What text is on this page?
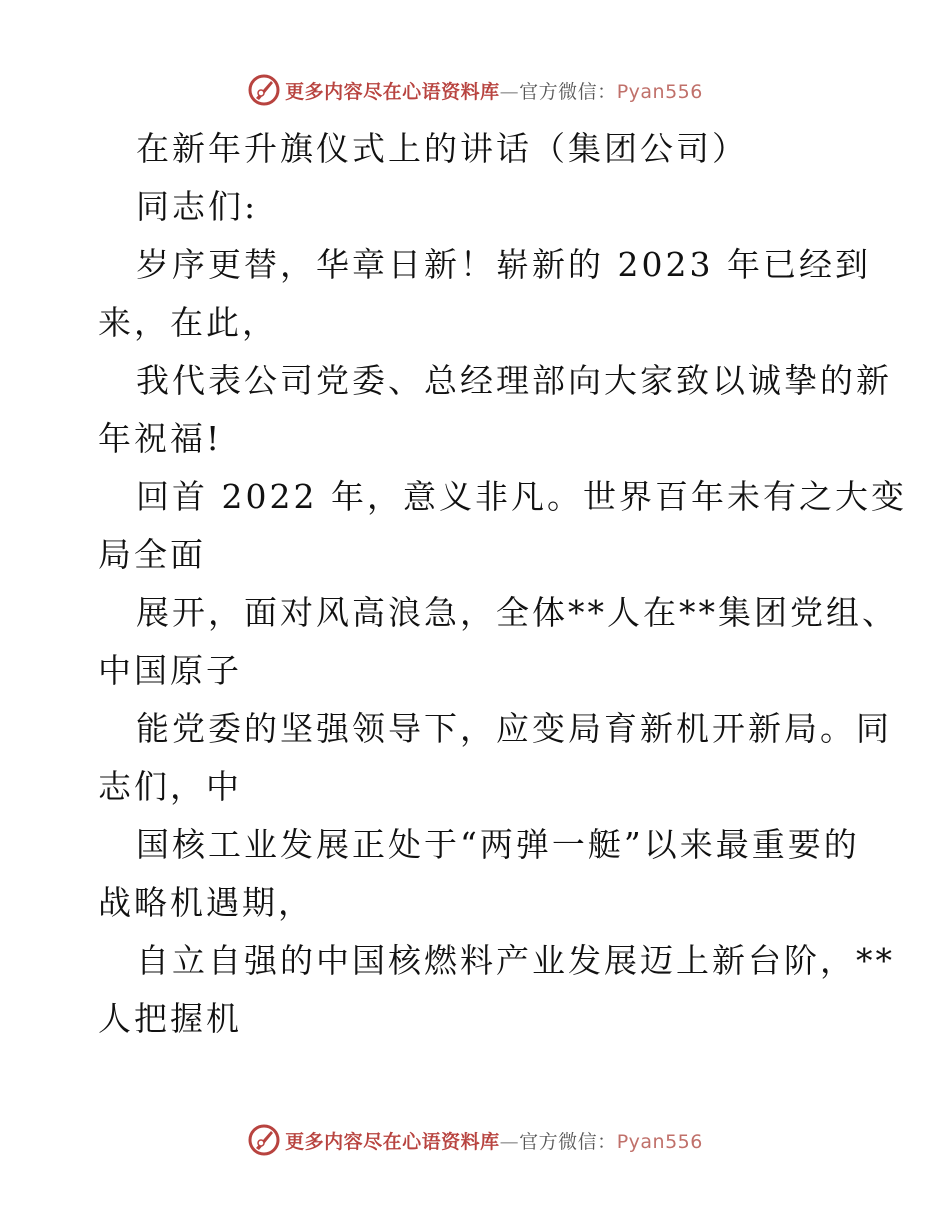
更多内容尽在心语资料库—官方微信：Pyan556
在新年升旗仪式上的讲话（集团公司）
同志们:
岁序更替，华章日新！崭新的 2023 年已经到
来，在此，
我代表公司党委、总经理部向大家致以诚挚的新
年祝福!
回首 2022 年，意义非凡。世界百年未有之大变
局全面
展开，面对风高浪急，全体**人在**集团党组、
中国原子
能党委的坚强领导下，应变局育新机开新局。同
志们，中
国核工业发展正处于“两弹一艇”以来最重要的
战略机遇期，
自立自强的中国核燃料产业发展迈上新台阶，**
人把握机
更多内容尽在心语资料库—官方微信：Pyan556
